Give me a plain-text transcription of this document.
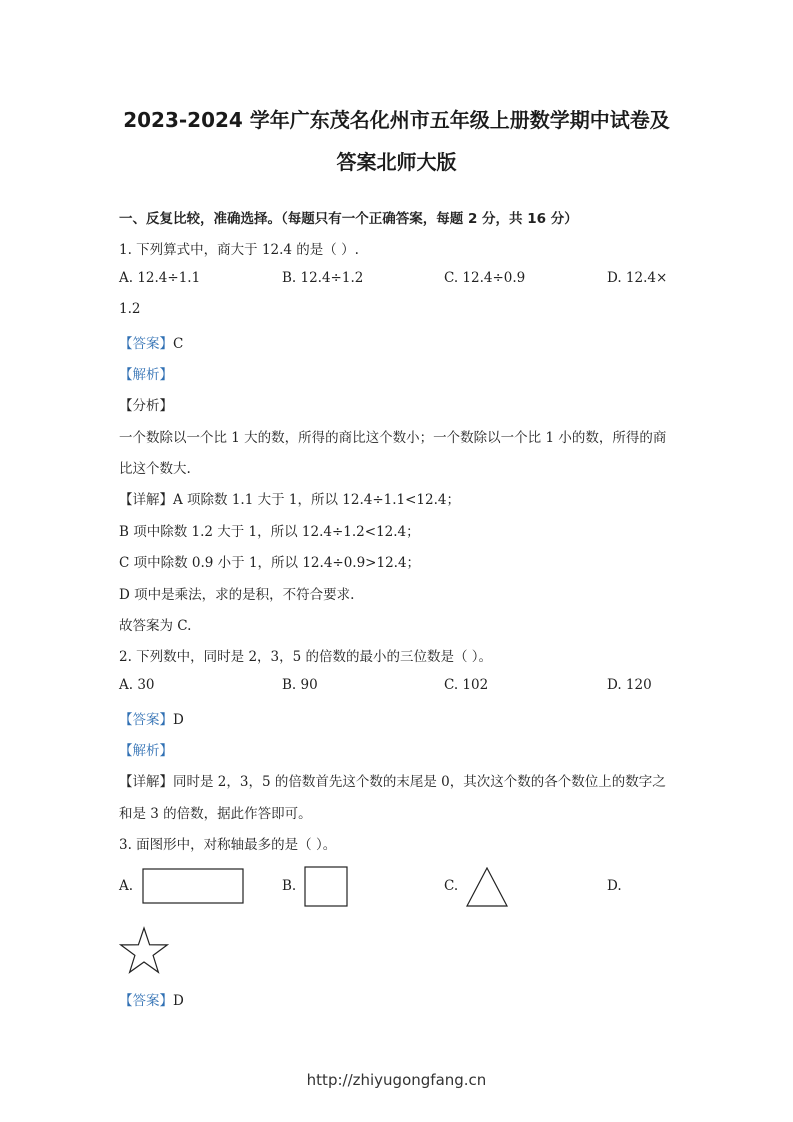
2023-2024 学年广东茂名化州市五年级上册数学期中试卷及
答案北师大版
一、反复比较，准确选择。（每题只有一个正确答案，每题 2 分，共 16 分）
1. 下列算式中，商大于 12.4 的是（ ）.
A. 12.4÷1.1	B. 12.4÷1.2	C. 12.4÷0.9	D. 12.4×
1.2
【答案】C
【解析】
【分析】
一个数除以一个比 1 大的数，所得的商比这个数小；一个数除以一个比 1 小的数，所得的商
比这个数大.
【详解】A 项除数 1.1 大于 1，所以 12.4÷1.1<12.4；
B 项中除数 1.2 大于 1，所以 12.4÷1.2<12.4；
C 项中除数 0.9 小于 1，所以 12.4÷0.9>12.4；
D 项中是乘法，求的是积，不符合要求.
故答案为 C.
2. 下列数中，同时是 2，3，5 的倍数的最小的三位数是（ ）。
A. 30	B. 90	C. 102	D. 120
【答案】D
【解析】
【详解】同时是 2，3，5 的倍数首先这个数的末尾是 0，其次这个数的各个数位上的数字之
和是 3 的倍数，据此作答即可。
3. 面图形中，对称轴最多的是（ ）。
A.	B.	C.	D.
【答案】D
http://zhiyugongfang.cn
